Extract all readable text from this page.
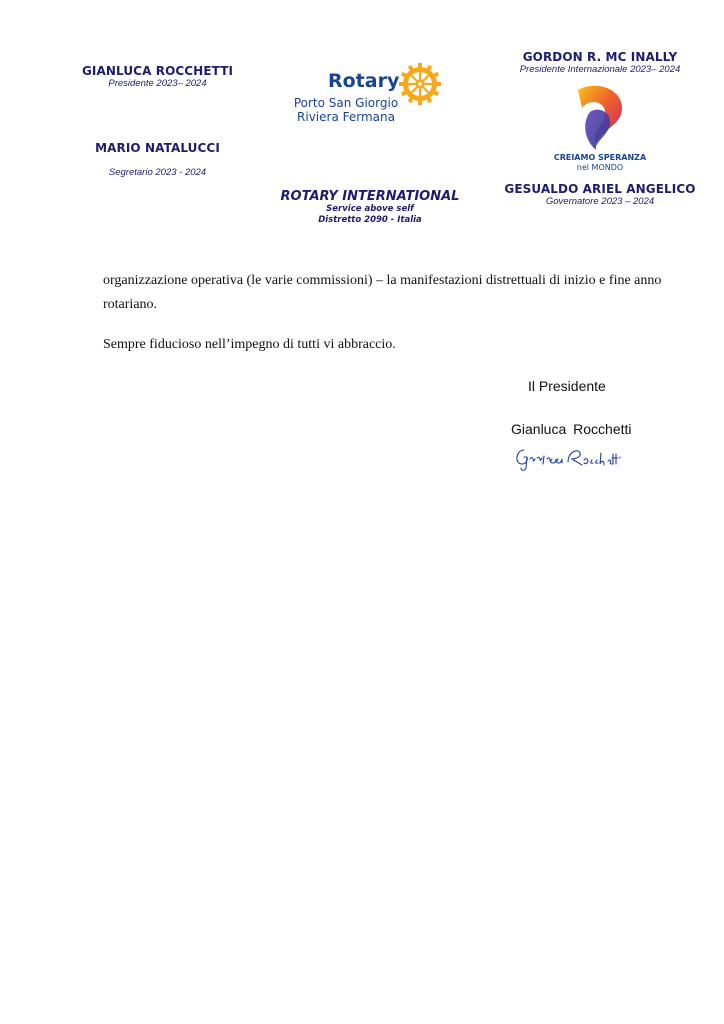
GIANLUCA ROCCHETTI
Presidente 2023– 2024
MARIO NATALUCCI
Segretario 2023 - 2024
Rotary
Porto San Giorgio
Riviera Fermana
ROTARY INTERNATIONAL
Service above self
Distretto 2090 - Italia
GORDON R. MC INALLY
Presidente Internazionale 2023– 2024
CREIAMO SPERANZA
nel MONDO
GESUALDO ARIEL ANGELICO
Governatore 2023 – 2024
organizzazione operativa (le varie commissioni) – la manifestazioni distrettuali di inizio e fine anno rotariano.
Sempre fiducioso nell’impegno di tutti vi abbraccio.
Il Presidente
Gianluca Rocchetti
